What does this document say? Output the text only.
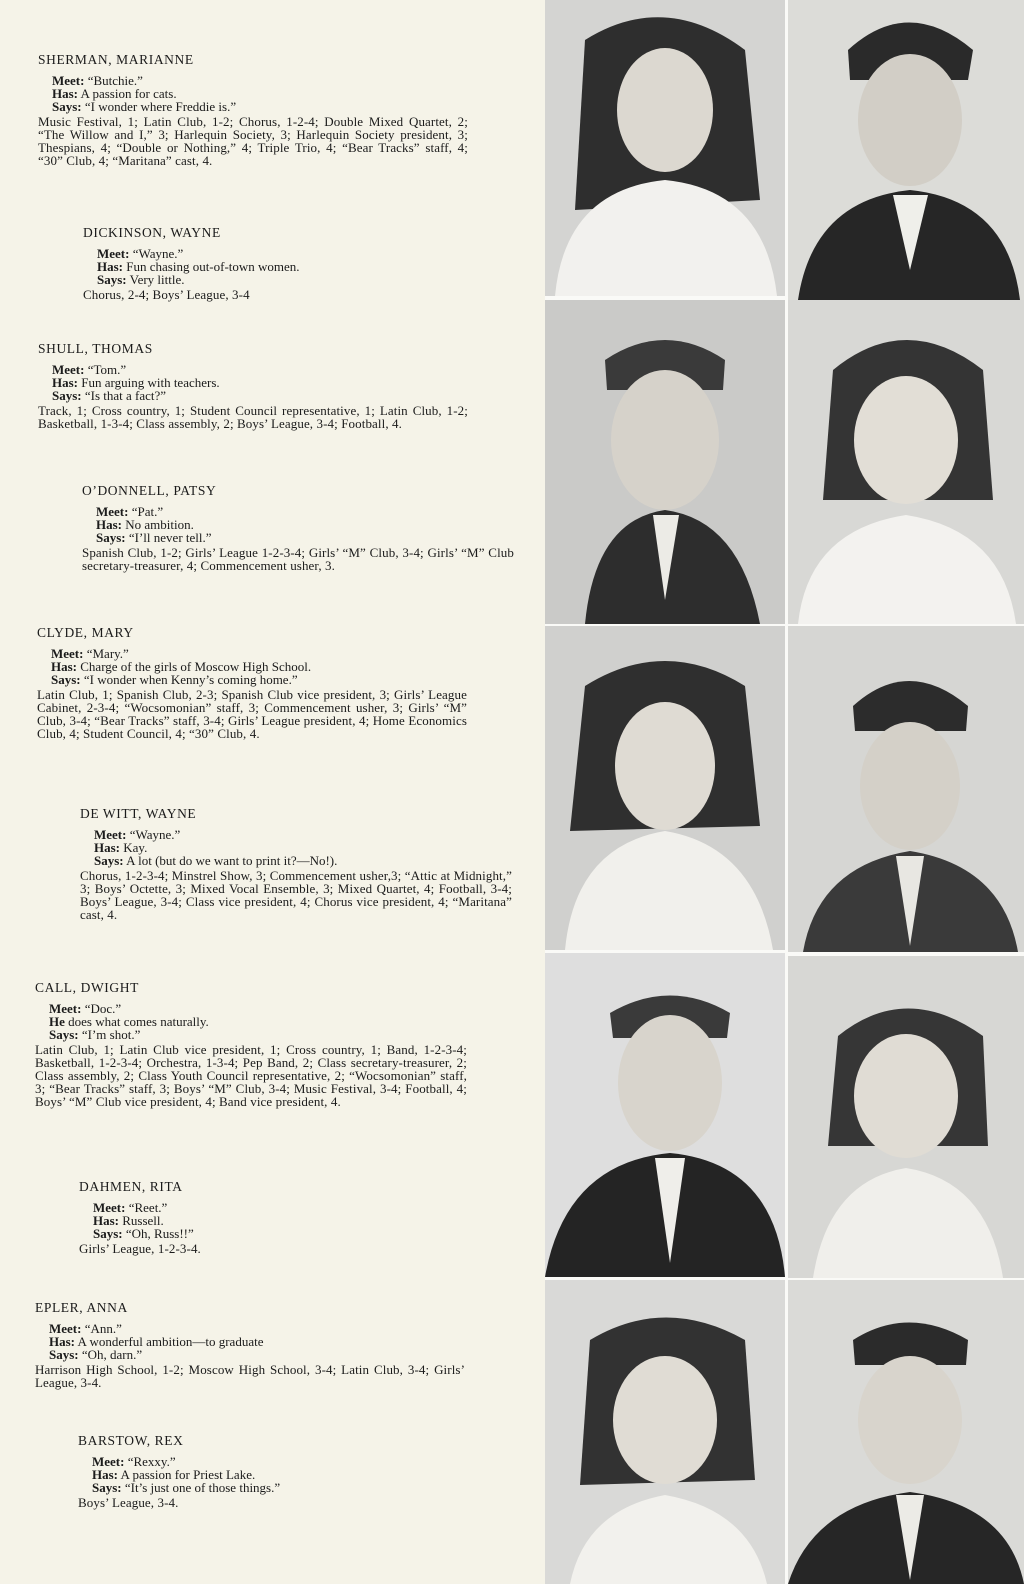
SHERMAN, MARIANNE

Meet: “Butchie.”

Has: A passion for cats.

Says: “I wonder where Freddie is.”

Music Festival, 1; Latin Club, 1-2; Chorus, 1-2-4; Double Mixed Quartet, 2; “The Willow and I,” 3; Harlequin Society, 3; Harlequin Society president, 3; Thespians, 4; “Double or Nothing,” 4; Triple Trio, 4; “Bear Tracks” staff, 4; “30” Club, 4; “Maritana” cast, 4.

DICKINSON, WAYNE

Meet: “Wayne.”

Has: Fun chasing out-of-town women.

Says: Very little.

Chorus, 2-4; Boys’ League, 3-4

SHULL, THOMAS

Meet: “Tom.”

Has: Fun arguing with teachers.

Says: “Is that a fact?”

Track, 1; Cross country, 1; Student Council representative, 1; Latin Club, 1-2; Basketball, 1-3-4; Class assembly, 2; Boys’ League, 3-4; Football, 4.

O’DONNELL, PATSY

Meet: “Pat.”

Has: No ambition.

Says: “I’ll never tell.”

Spanish Club, 1-2; Girls’ League 1-2-3-4; Girls’ “M” Club, 3-4; Girls’ “M” Club secretary-treasurer, 4; Commencement usher, 3.

CLYDE, MARY

Meet: “Mary.”

Has: Charge of the girls of Moscow High School.

Says: “I wonder when Kenny’s coming home.”

Latin Club, 1; Spanish Club, 2-3; Spanish Club vice president, 3; Girls’ League Cabinet, 2-3-4; “Wocsomonian” staff, 3; Commencement usher, 3; Girls’ “M” Club, 3-4; “Bear Tracks” staff, 3-4; Girls’ League president, 4; Home Economics Club, 4; Student Council, 4; “30” Club, 4.

DE WITT, WAYNE

Meet: “Wayne.”

Has: Kay.

Says: A lot (but do we want to print it?—No!).

Chorus, 1-2-3-4; Minstrel Show, 3; Commencement usher,3; “Attic at Midnight,” 3; Boys’ Octette, 3; Mixed Vocal Ensemble, 3; Mixed Quartet, 4; Football, 3-4; Boys’ League, 3-4; Class vice president, 4; Chorus vice president, 4; “Maritana” cast, 4.

CALL, DWIGHT

Meet: “Doc.”

He does what comes naturally.

Says: “I’m shot.”

Latin Club, 1; Latin Club vice president, 1; Cross country, 1; Band, 1-2-3-4; Basketball, 1-2-3-4; Orchestra, 1-3-4; Pep Band, 2; Class secretary-treasurer, 2; Class assembly, 2; Class Youth Council representative, 2; “Wocsomonian” staff, 3; “Bear Tracks” staff, 3; Boys’ “M” Club, 3-4; Music Festival, 3-4; Football, 4; Boys’ “M” Club vice president, 4; Band vice president, 4.

DAHMEN, RITA

Meet: “Reet.”

Has: Russell.

Says: “Oh, Russ!!”

Girls’ League, 1-2-3-4.

EPLER, ANNA

Meet: “Ann.”

Has: A wonderful ambition—to graduate

Says: “Oh, darn.”

Harrison High School, 1-2; Moscow High School, 3-4; Latin Club, 3-4; Girls’ League, 3-4.

BARSTOW, REX

Meet: “Rexxy.”

Has: A passion for Priest Lake.

Says: “It’s just one of those things.”

Boys’ League, 3-4.
